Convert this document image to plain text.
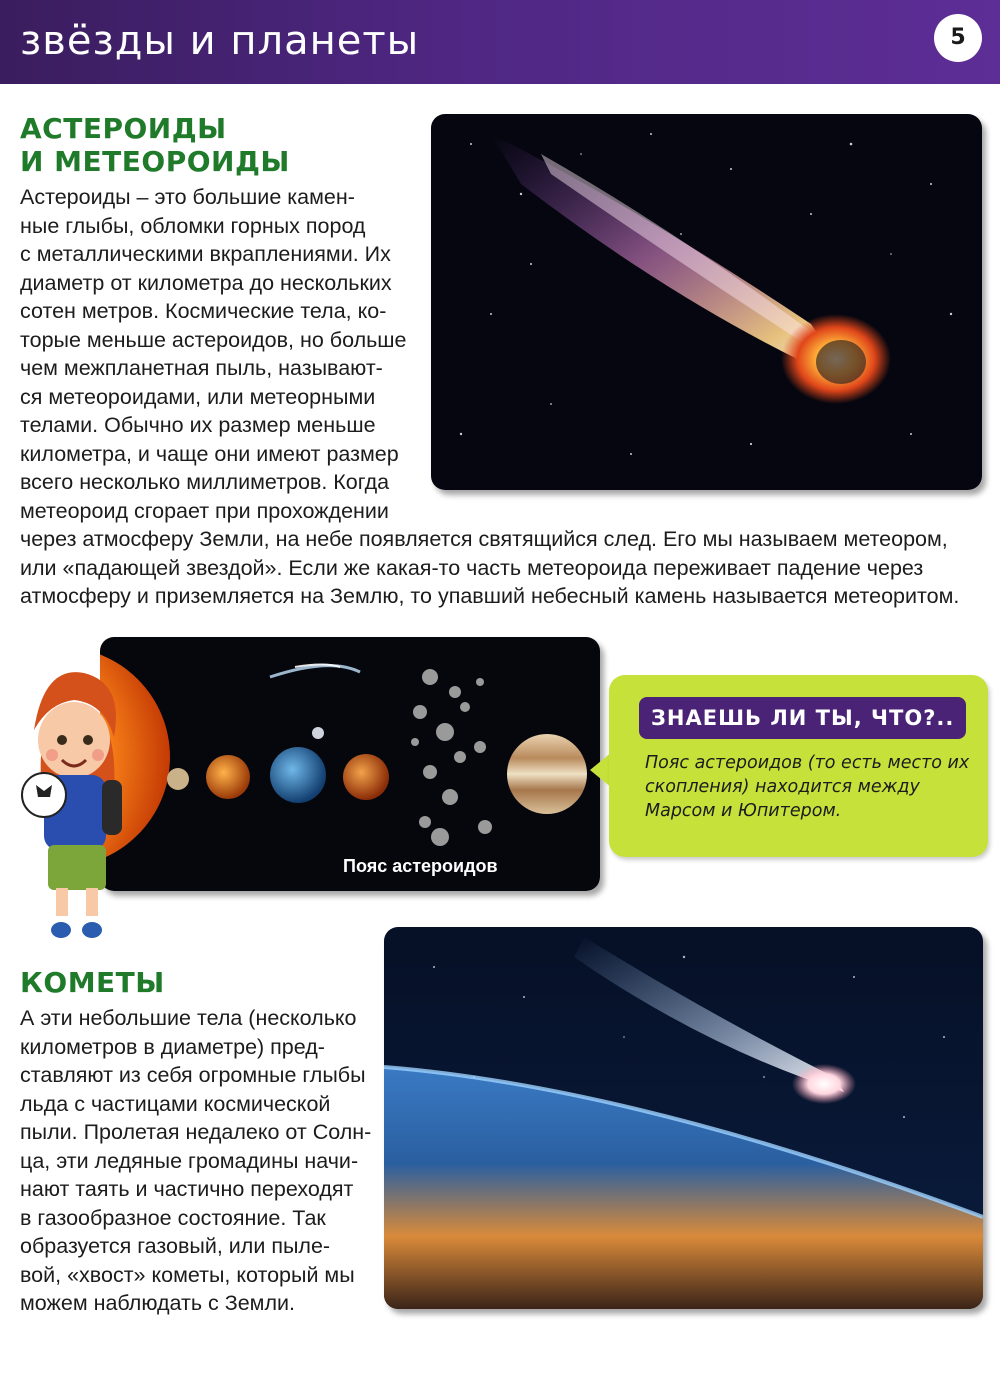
звёзды и планеты	5
АСТЕРОИДЫ
И МЕТЕОРОИДЫ
Астероиды – это большие камен-
ные глыбы, обломки горных пород
с металлическими вкраплениями. Их
диаметр от километра до нескольких
сотен метров. Космические тела, ко-
торые меньше астероидов, но больше
чем межпланетная пыль, называют-
ся метеороидами, или метеорными
телами. Обычно их размер меньше
километра, и чаще они имеют размер
всего несколько миллиметров. Когда
метеороид сгорает при прохождении
через атмосферу Земли, на небе появляется святящийся след. Его мы называем метеором,
или «падающей звездой». Если же какая-то часть метеороида переживает падение через
атмосферу и приземляется на Землю, то упавший небесный камень называется метеоритом.
Пояс астероидов
ЗНАЕШЬ ЛИ ТЫ, ЧТО?..
Пояс астероидов (то есть место их скопления) находится между Марсом и Юпитером.
КОМЕТЫ
А эти небольшие тела (несколько
километров в диаметре) пред-
ставляют из себя огромные глыбы
льда с частицами космической
пыли. Пролетая недалеко от Солн-
ца, эти ледяные громадины начи-
нают таять и частично переходят
в газообразное состояние. Так
образуется газовый, или пыле-
вой, «хвост» кометы, который мы
можем наблюдать с Земли.
